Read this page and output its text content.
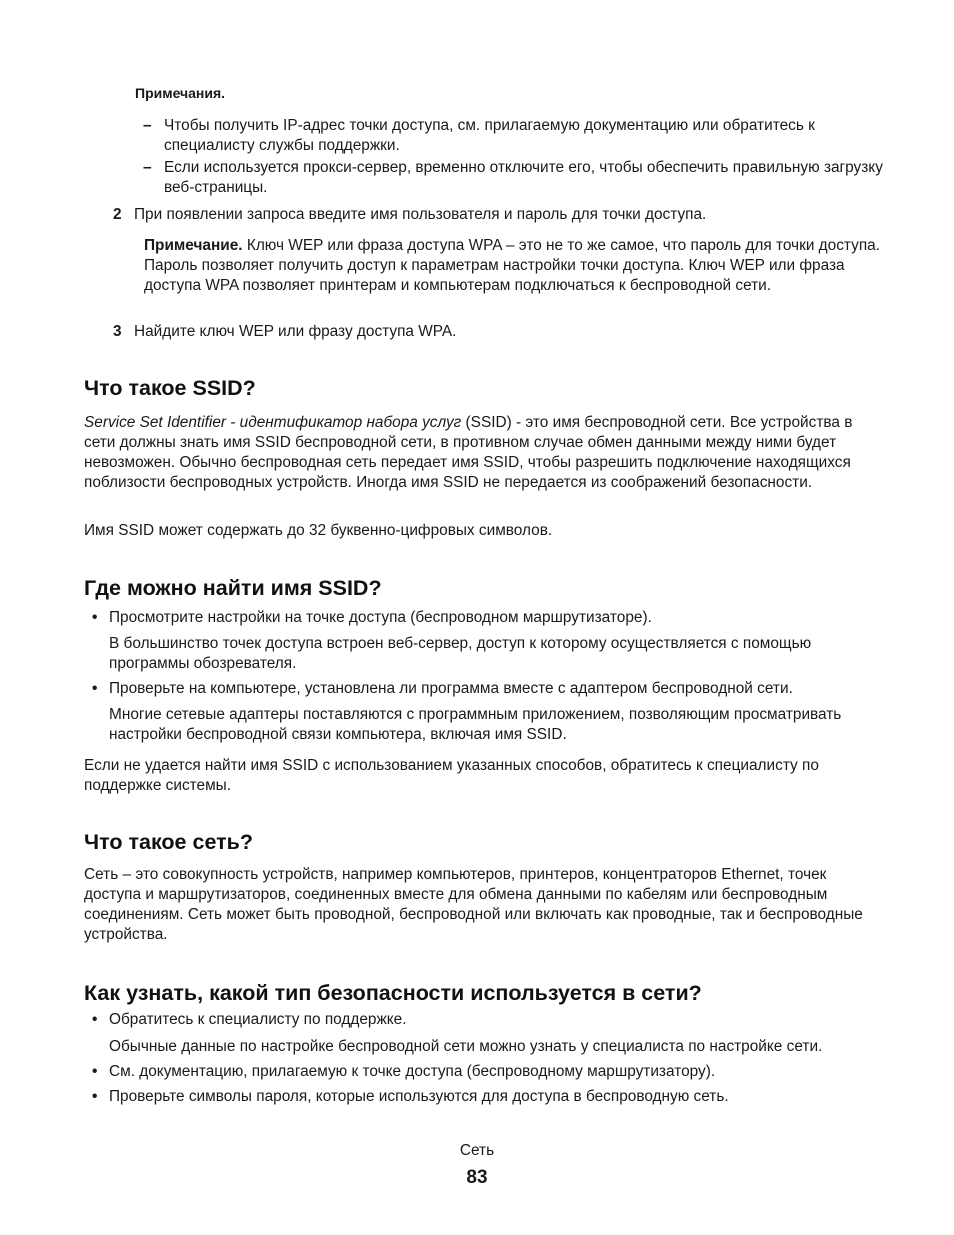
Примечания.

– Чтобы получить IP-адрес точки доступа, см. прилагаемую документацию или обратитесь к специалисту службы поддержки.

– Если используется прокси-сервер, временно отключите его, чтобы обеспечить правильную загрузку веб-страницы.

2 При появлении запроса введите имя пользователя и пароль для точки доступа.

Примечание. Ключ WEP или фраза доступа WPA – это не то же самое, что пароль для точки доступа. Пароль позволяет получить доступ к параметрам настройки точки доступа. Ключ WEP или фраза доступа WPA позволяет принтерам и компьютерам подключаться к беспроводной сети.

3 Найдите ключ WEP или фразу доступа WPA.

Что такое SSID?

Service Set Identifier - идентификатор набора услуг (SSID) - это имя беспроводной сети. Все устройства в сети должны знать имя SSID беспроводной сети, в противном случае обмен данными между ними будет невозможен. Обычно беспроводная сеть передает имя SSID, чтобы разрешить подключение находящихся поблизости беспроводных устройств. Иногда имя SSID не передается из соображений безопасности.

Имя SSID может содержать до 32 буквенно-цифровых символов.

Где можно найти имя SSID?
• Просмотрите настройки на точке доступа (беспроводном маршрутизаторе).

В большинство точек доступа встроен веб-сервер, доступ к которому осуществляется с помощью программы обозревателя.

• Проверьте на компьютере, установлена ли программа вместе с адаптером беспроводной сети.

Многие сетевые адаптеры поставляются с программным приложением, позволяющим просматривать настройки беспроводной связи компьютера, включая имя SSID.

Если не удается найти имя SSID с использованием указанных способов, обратитесь к специалисту по поддержке системы.

Что такое сеть?

Сеть – это совокупность устройств, например компьютеров, принтеров, концентраторов Ethernet, точек доступа и маршрутизаторов, соединенных вместе для обмена данными по кабелям или беспроводным соединениям. Сеть может быть проводной, беспроводной или включать как проводные, так и беспроводные устройства.

Как узнать, какой тип безопасности используется в сети?
• Обратитесь к специалисту по поддержке.

Обычные данные по настройке беспроводной сети можно узнать у специалиста по настройке сети.

• См. документацию, прилагаемую к точке доступа (беспроводному маршрутизатору).

• Проверьте символы пароля, которые используются для доступа в беспроводную сеть.

Сеть

83
